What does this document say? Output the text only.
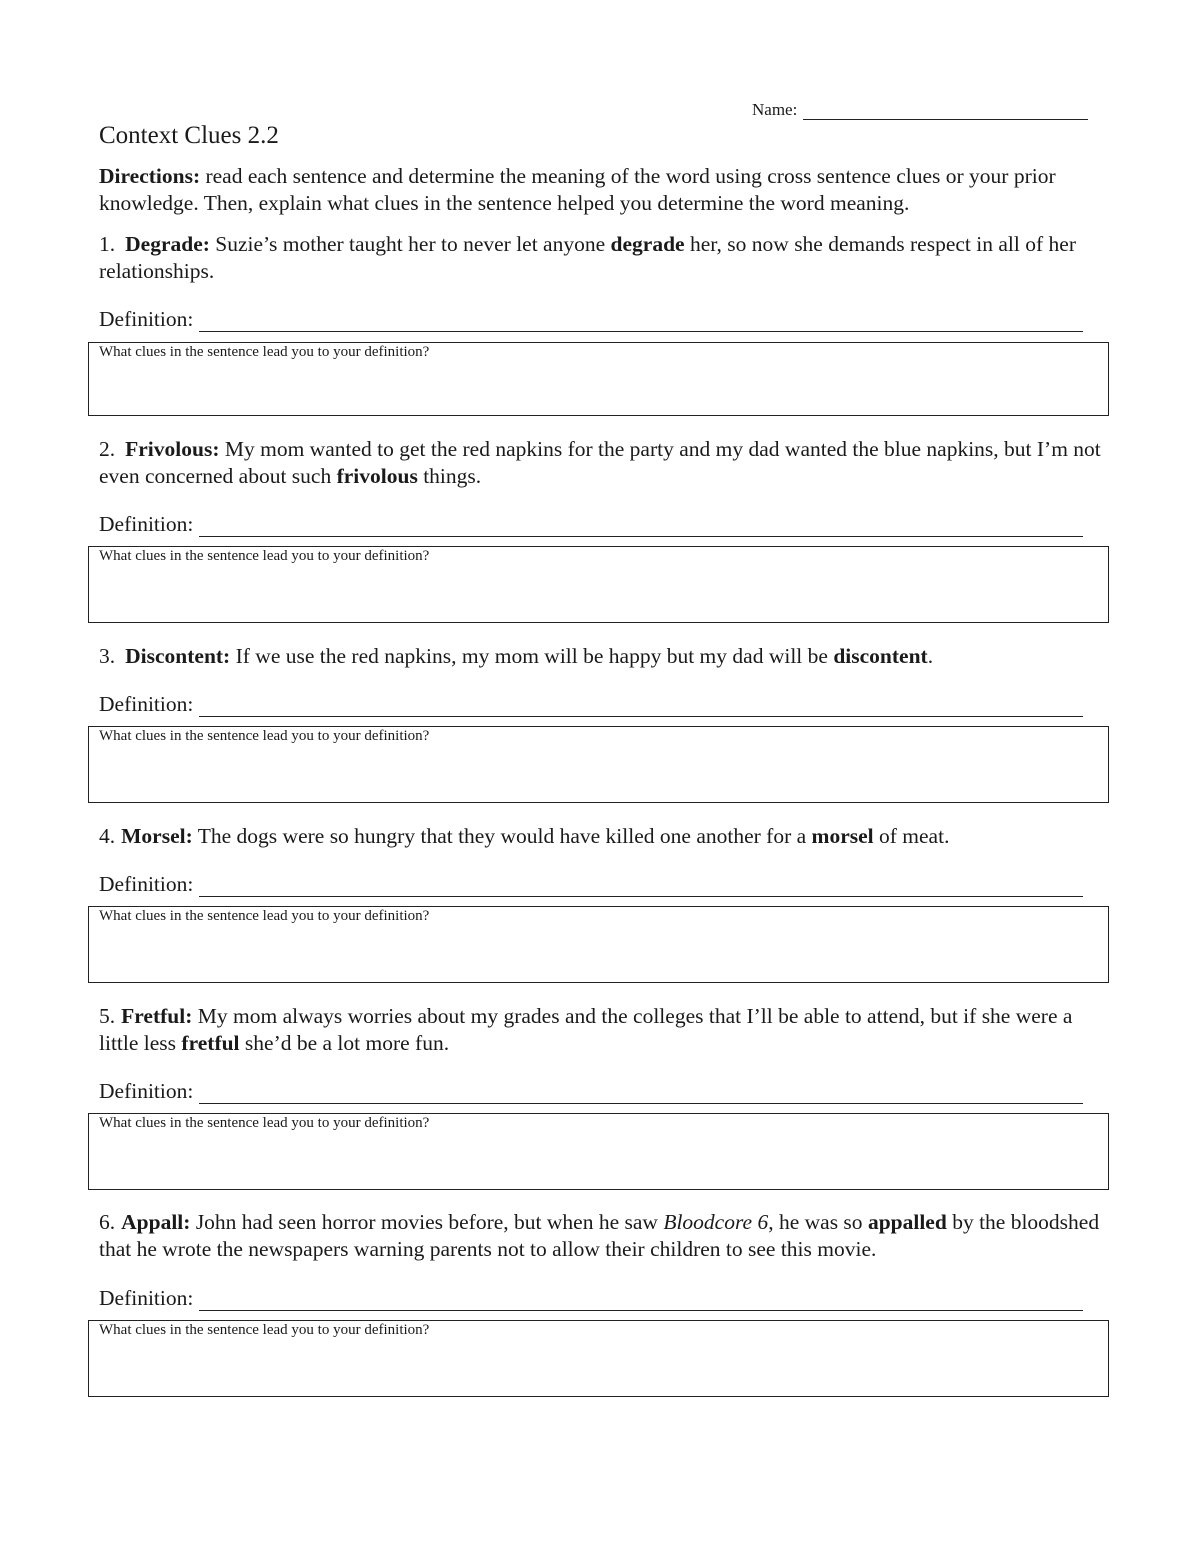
Name:
Context Clues 2.2

Directions: read each sentence and determine the meaning of the word using cross sentence clues or your prior knowledge. Then, explain what clues in the sentence helped you determine the word meaning.

1. Degrade: Suzie’s mother taught her to never let anyone degrade her, so now she demands respect in all of her relationships.

Definition:
What clues in the sentence lead you to your definition?

2. Frivolous: My mom wanted to get the red napkins for the party and my dad wanted the blue napkins, but I’m not even concerned about such frivolous things.

Definition:
What clues in the sentence lead you to your definition?

3. Discontent: If we use the red napkins, my mom will be happy but my dad will be discontent.

Definition:
What clues in the sentence lead you to your definition?

4. Morsel: The dogs were so hungry that they would have killed one another for a morsel of meat.

Definition:
What clues in the sentence lead you to your definition?

5. Fretful: My mom always worries about my grades and the colleges that I’ll be able to attend, but if she were a little less fretful she’d be a lot more fun.

Definition:
What clues in the sentence lead you to your definition?

6. Appall: John had seen horror movies before, but when he saw Bloodcore 6, he was so appalled by the bloodshed that he wrote the newspapers warning parents not to allow their children to see this movie.

Definition:
What clues in the sentence lead you to your definition?
